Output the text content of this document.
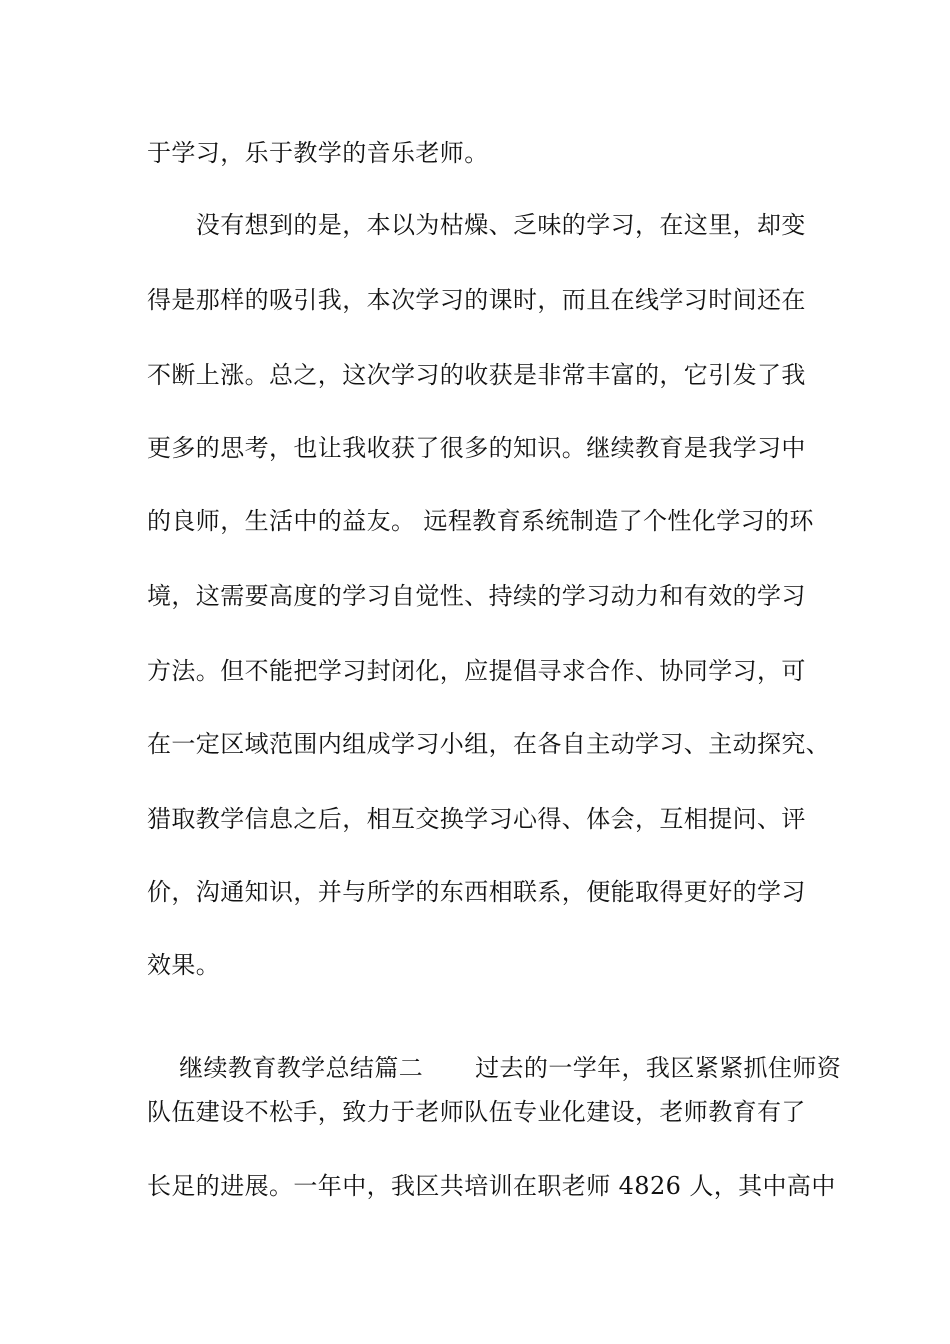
于学习，乐于教学的音乐老师。
　　没有想到的是，本以为枯燥、乏味的学习，在这里，却变
得是那样的吸引我，本次学习的课时，而且在线学习时间还在
不断上涨。总之，这次学习的收获是非常丰富的，它引发了我
更多的思考，也让我收获了很多的知识。继续教育是我学习中
的良师，生活中的益友。 远程教育系统制造了个性化学习的环
境，这需要高度的学习自觉性、持续的学习动力和有效的学习
方法。但不能把学习封闭化，应提倡寻求合作、协同学习，可
在一定区域范围内组成学习小组，在各自主动学习、主动探究、
猎取教学信息之后，相互交换学习心得、体会，互相提问、评
价，沟通知识，并与所学的东西相联系，便能取得更好的学习
效果。

继续教育教学总结篇二 过去的一学年，我区紧紧抓住师资

队伍建设不松手，致力于老师队伍专业化建设，老师教育有了
长足的进展。一年中，我区共培训在职老师 4826 人，其中高中
